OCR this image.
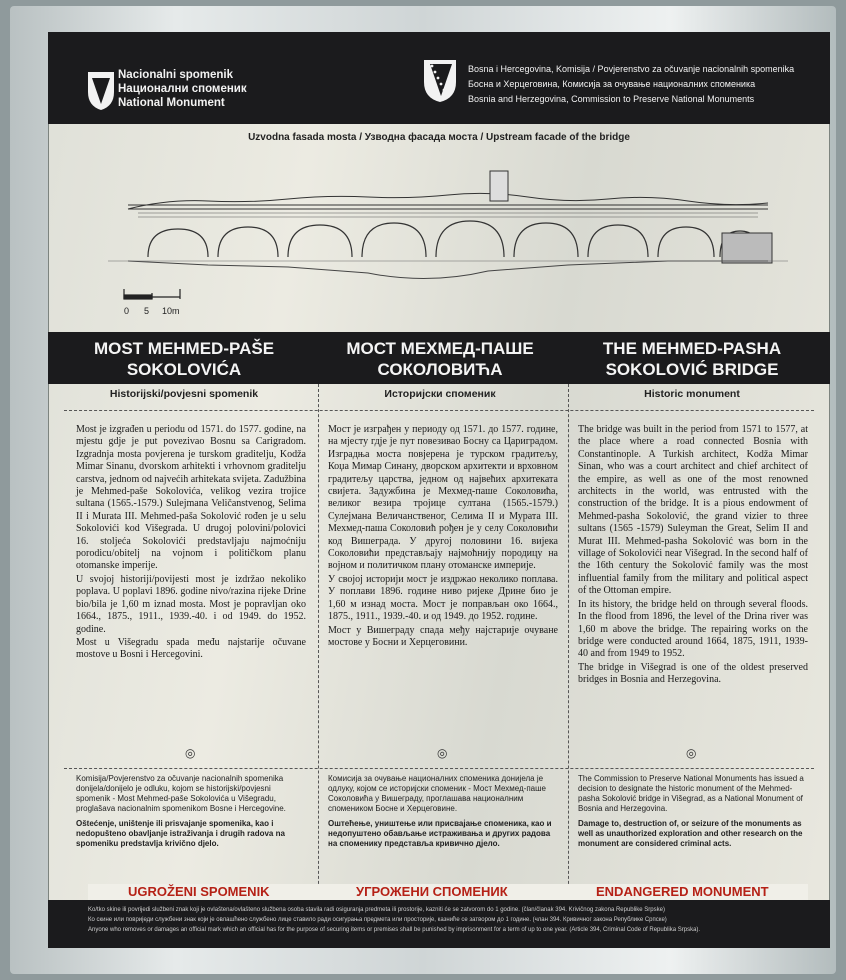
Nacionalni spomenik
Национални споменик
National Monument
Bosna i Hercegovina, Komisija / Povjerenstvo za očuvanje nacionalnih spomenika
Босна и Херцеговина, Комисија за очување националних споменика
Bosnia and Herzegovina, Commission to Preserve National Monuments
Uzvodna fasada mosta / Узводна фасада моста / Upstream facade of the bridge
0 5 10m
MOST MEHMED-PAŠE
SOKOLOVIĆA
МОСТ МЕХМЕД-ПАШЕ
СОКОЛОВИЋА
THE MEHMED-PASHA
SOKOLOVIĆ BRIDGE
Historijski/povjesni spomenik	Историјски споменик	Historic monument

Most je izgrađen u periodu od 1571. do 1577. godine, na mjestu gdje je put povezivao Bosnu sa Carigradom. Izgradnja mosta povjerena je turskom graditelju, Kodža Mimar Sinanu, dvorskom arhitekti i vrhovnom graditelju carstva, jednom od najvećih arhitekata svijeta. Zadužbina je Mehmed-paše Sokolovića, velikog vezira trojice sultana (1565.-1579.) Sulejmana Veličanstvenog, Selima II i Murata III. Mehmed-paša Sokolović rođen je u selu Sokolovići kod Višegrada. U drugoj polovini/polovici 16. stoljeća Sokolovići predstavljaju najmoćniju porodicu/obitelj na vojnom i političkom planu otomanske imperije.

U svojoj historiji/povijesti most je izdržao nekoliko poplava. U poplavi 1896. godine nivo/razina rijeke Drine bio/bila je 1,60 m iznad mosta. Most je popravljan oko 1664., 1875., 1911., 1939.-40. i od 1949. do 1952. godine.

Most u Višegradu spada među najstarije očuvane mostove u Bosni i Hercegovini.

Мост је изграђен у периоду од 1571. до 1577. године, на мјесту гдје је пут повезивао Босну са Цариградом. Изградња моста повјерена је турском градитељу, Коџа Мимар Синану, дворском архитекти и врховном градитељу царства, једном од највећих архитеката свијета. Задужбина је Мехмед-паше Соколовића, великог везира тројице султана (1565.-1579.) Сулејмана Величанственог, Селима II и Мурата III. Мехмед-паша Соколовић рођен је у селу Соколовићи код Вишеграда. У другој половини 16. вијека Соколовићи представљају најмоћнију породицу на војном и политичком плану отоманске империје.

У својој историји мост је издржао неколико поплава. У поплави 1896. године ниво ријеке Дрине био је 1,60 м изнад моста. Мост је поправљан око 1664., 1875., 1911., 1939.-40. и од 1949. до 1952. године.

Мост у Вишеграду спада међу најстарије очуване мостове у Босни и Херцеговини.

The bridge was built in the period from 1571 to 1577, at the place where a road connected Bosnia with Constantinople. A Turkish architect, Kodža Mimar Sinan, who was a court architect and chief architect of the empire, as well as one of the most renowned architects in the world, was entrusted with the construction of the bridge. It is a pious endowment of Mehmed-pasha Sokolović, the grand vizier to three sultans (1565 -1579) Suleyman the Great, Selim II and Murat III. Mehmed-pasha Sokolović was born in the village of Sokolovići near Višegrad. In the second half of the 16th century the Sokolović family was the most influential family from the military and political aspect of the Ottoman empire.

In its history, the bridge held on through several floods. In the flood from 1896, the level of the Drina river was 1,60 m above the bridge. The repairing works on the bridge were conducted around 1664, 1875, 1911, 1939-40 and from 1949 to 1952.

The bridge in Višegrad is one of the oldest preserved bridges in Bosnia and Herzegovina.

◎	◎	◎

Komisija/Povjerenstvo za očuvanje nacionalnih spomenika donijela/donijelo je odluku, kojom se historijski/povjesni spomenik - Most Mehmed-paše Sokolovića u Višegradu, proglašava nacionalnim spomenikom Bosne i Hercegovine.

Oštećenje, uništenje ili prisvajanje spomenika, kao i nedopušteno obavljanje istraživanja i drugih radova na spomeniku predstavlja krivično djelo.

Комисија за очување националних споменика донијела је одлуку, којом се историјски споменик - Мост Мехмед-паше Соколовића у Вишеграду, проглашава националним спомеником Босне и Херцеговине.

Оштећење, уништење или присвајање споменика, као и недопуштено обављање истраживања и других радова на споменику представља кривично дјело.

The Commission to Preserve National Monuments has issued a decision to designate the historic monument of the Mehmed-pasha Sokolović bridge in Višegrad, as a National Monument of Bosnia and Herzegovina.

Damage to, destruction of, or seizure of the monuments as well as unauthorized exploration and other research on the monument are considered criminal acts.

UGROŽENI SPOMENIK	УГРОЖЕНИ СПОМЕНИК	ENDANGERED MONUMENT
Ko/tko skine ili povrijedi službeni znak koji je ovlaštena/ovlašteno službena osoba stavila radi osiguranja predmeta ili prostorije, kazniti će se zatvorom do 1 godine. (član/članak 394. Krivičnog zakona Republike Srpske)
Ко скине или повриједи службени знак који је овлашћено службено лице ставило ради осигурања предмета или просторије, казниће се затвором до 1 године. (члан 394. Кривичног закона Републике Српске)
Anyone who removes or damages an official mark which an official has for the purpose of securing items or premises shall be punished by imprisonment for a term of up to one year. (Article 394, Criminal Code of Republika Srpska).
